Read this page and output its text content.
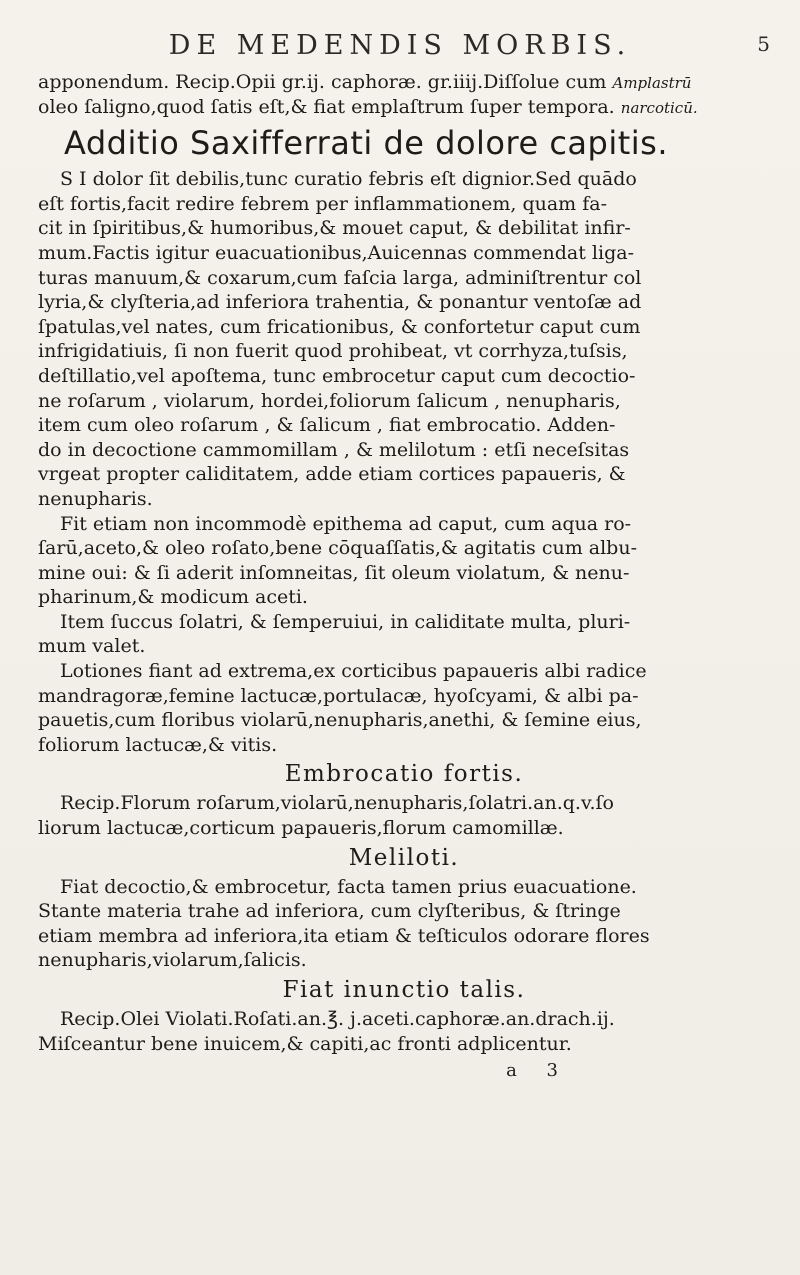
DE MEDENDIS MORBIS.	5
apponendum. Recip.Opii gr.ij. caphoræ. gr.iiij.Diſſolue cum Amplastrū
oleo ſaligno,quod ſatis eſt,& fiat emplaſtrum ſuper tempora. narcoticū.
Additio Saxifferrati de dolore capitis.
S I dolor ſit debilis,tunc curatio febris eſt dignior.Sed quādo
eſt fortis,facit redire febrem per inflammationem, quam fa-
cit in ſpiritibus,& humoribus,& mouet caput, & debilitat infir-
mum.Factis igitur euacuationibus,Auicennas commendat liga-
turas manuum,& coxarum,cum faſcia larga, adminiſtrentur col
lyria,& clyſteria,ad inferiora trahentia, & ponantur ventoſæ ad
ſpatulas,vel nates, cum fricationibus, & confortetur caput cum
infrigidatiuis, ſi non fuerit quod prohibeat, vt corrhyza,tuſsis,
deſtillatio,vel apoſtema, tunc embrocetur caput cum decoctio-
ne roſarum , violarum, hordei,foliorum ſalicum , nenupharis,
item cum oleo roſarum , & ſalicum , fiat embrocatio. Adden-
do in decoctione cammomillam , & melilotum : etſi neceſsitas
vrgeat propter caliditatem, adde etiam cortices papaueris, &
nenupharis.
Fit etiam non incommodè epithema ad caput, cum aqua ro-
ſarū,aceto,& oleo roſato,bene cōquaſſatis,& agitatis cum albu-
mine oui: & ſi aderit inſomneitas, ſit oleum violatum, & nenu-
pharinum,& modicum aceti.
Item ſuccus ſolatri, & ſemperuiui, in caliditate multa, pluri-
mum valet.
Lotiones fiant ad extrema,ex corticibus papaueris albi radice
mandragoræ,femine lactucæ,portulacæ, hyoſcyami, & albi pa-
pauetis,cum floribus violarū,nenupharis,anethi, & ſemine eius,
foliorum lactucæ,& vitis.
Embrocatio fortis.
Recip.Florum roſarum,violarū,nenupharis,ſolatri.an.q.v.ſo
liorum lactucæ,corticum papaueris,florum camomillæ.
Meliloti.
Fiat decoctio,& embrocetur, facta tamen prius euacuatione.
Stante materia trahe ad inferiora, cum clyſteribus, & ſtringe
etiam membra ad inferiora,ita etiam & teſticulos odorare flores
nenupharis,violarum,ſalicis.
Fiat inunctio talis.
Recip.Olei Violati.Roſati.an.℥. j.aceti.caphoræ.an.drach.ij.
Miſceantur bene inuicem,& capiti,ac fronti adplicentur.
a 3
